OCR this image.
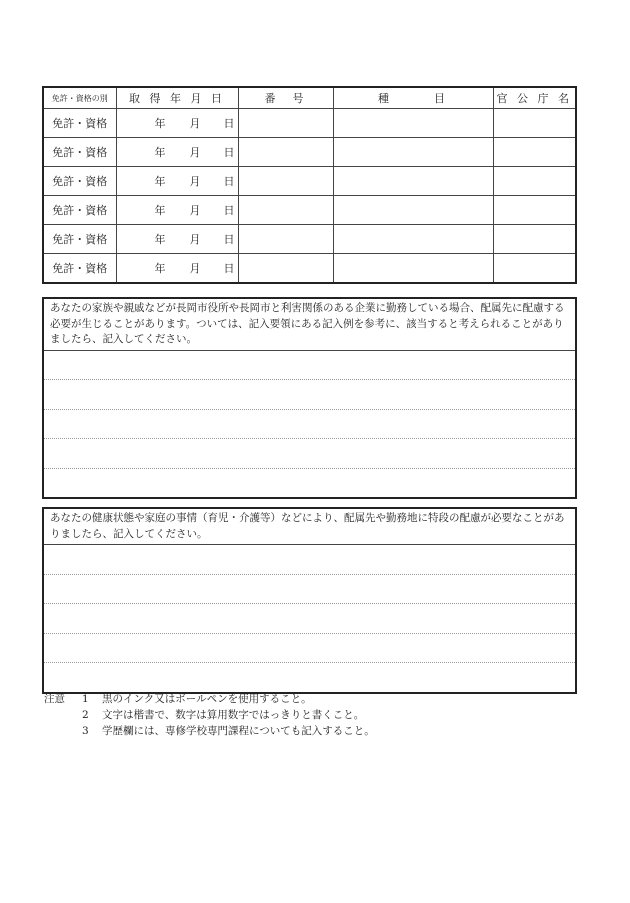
免許・資格の別	取 得 年 月 日	番　号	種　　　目	官 公 庁 名
免許・資格	年 月 日			

免許・資格	年 月 日			

免許・資格	年 月 日			

免許・資格	年 月 日			

免許・資格	年 月 日			

免許・資格	年 月 日			

あなたの家族や親戚などが長岡市役所や長岡市と利害関係のある企業に勤務している場合、配属先に配慮する必要が生じることがあります。ついては、記入要領にある記入例を参考に、該当すると考えられることがありましたら、記入してください。
あなたの健康状態や家庭の事情（育児・介護等）などにより、配属先や勤務地に特段の配慮が必要なことがありましたら、記入してください。
注意	1	黒のインク又はボールペンを使用すること。
2	文字は楷書で、数字は算用数字ではっきりと書くこと。
3	学歴欄には、専修学校専門課程についても記入すること。
